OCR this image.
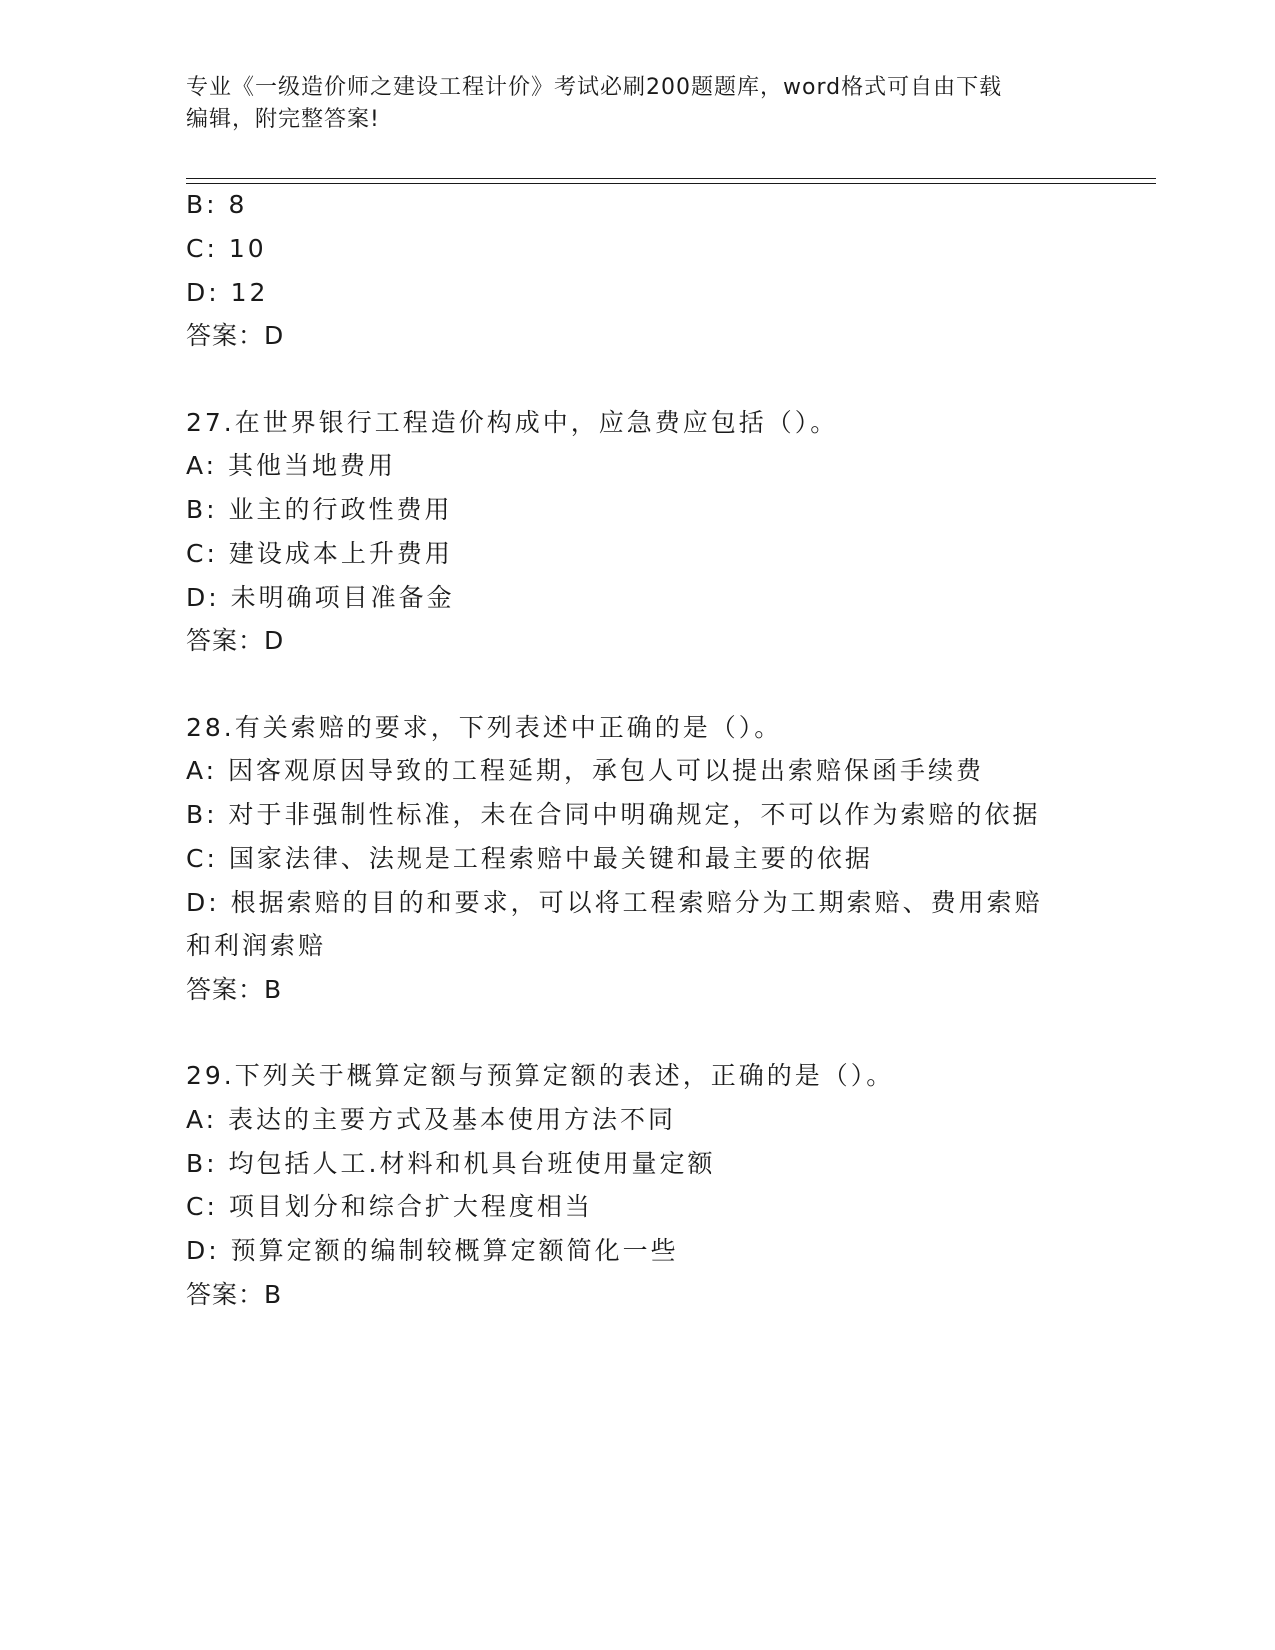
专业《一级造价师之建设工程计价》考试必刷200题题库，word格式可自由下载
编辑，附完整答案!
B: 8
C: 10
D: 12
答案：D
27.在世界银行工程造价构成中，应急费应包括（）。
A: 其他当地费用
B: 业主的行政性费用
C: 建设成本上升费用
D: 未明确项目准备金
答案：D
28.有关索赔的要求，下列表述中正确的是（）。
A: 因客观原因导致的工程延期，承包人可以提出索赔保函手续费
B: 对于非强制性标准，未在合同中明确规定，不可以作为索赔的依据
C: 国家法律、法规是工程索赔中最关键和最主要的依据
D: 根据索赔的目的和要求，可以将工程索赔分为工期索赔、费用索赔
和利润索赔
答案：B
29.下列关于概算定额与预算定额的表述，正确的是（）。
A: 表达的主要方式及基本使用方法不同
B: 均包括人工.材料和机具台班使用量定额
C: 项目划分和综合扩大程度相当
D: 预算定额的编制较概算定额简化一些
答案：B
